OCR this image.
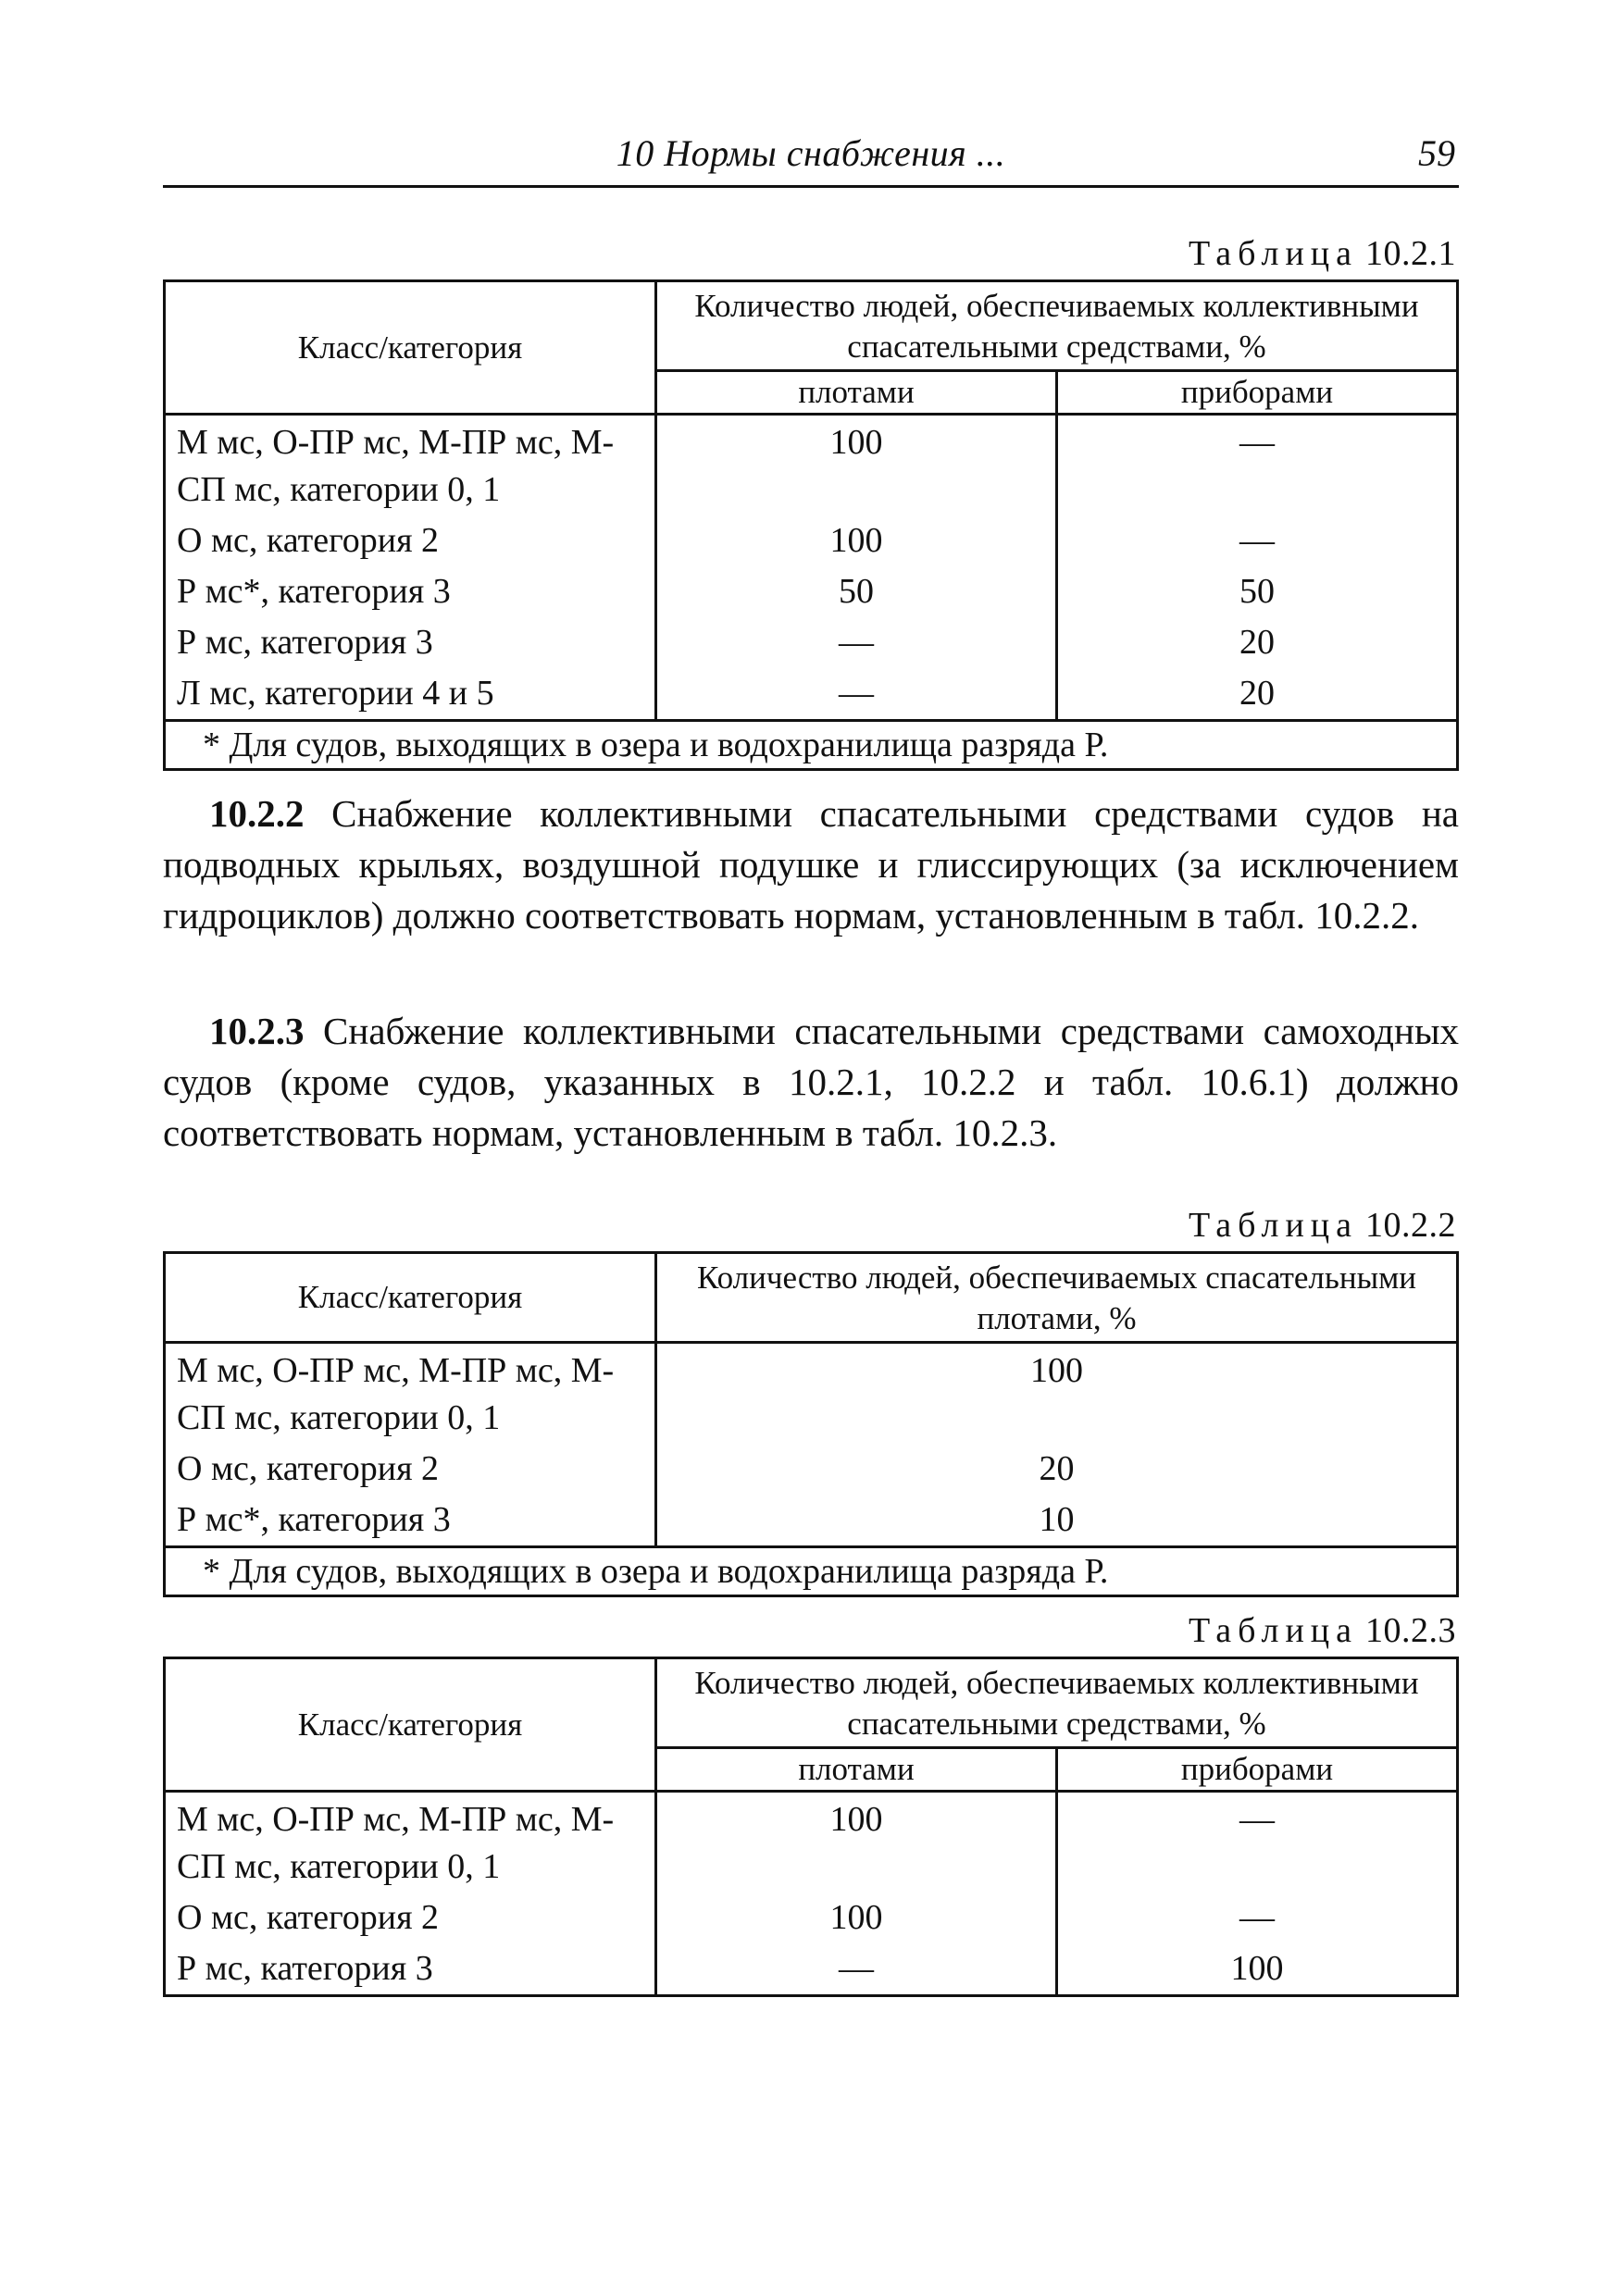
10 Нормы снабжения ...	59
Таблица 10.2.1
Класс/категория	Количество людей, обеспечиваемых коллективными спасательными средствами, %	
	плотами	приборами
М мс, О-ПР мс, М-ПР мс, М-СП мс, категории 0, 1	100	—
О мс, категория 2	100	—
Р мс*, категория 3	50	50
Р мс, категория 3	—	20
Л мс, категории 4 и 5	—	20
* Для судов, выходящих в озера и водохранилища разряда Р.		

10.2.2 Снабжение коллективными спасательными средствами судов на подводных крыльях, воздушной подушке и глиссирующих (за исключением гидроциклов) должно соответствовать нормам, установленным в табл. 10.2.2.

10.2.3 Снабжение коллективными спасательными средствами самоходных судов (кроме судов, указанных в 10.2.1, 10.2.2 и табл. 10.6.1) должно соответствовать нормам, установленным в табл. 10.2.3.

Таблица 10.2.2
Класс/категория	Количество людей, обеспечиваемых спасательными плотами, %
М мс, О-ПР мс, М-ПР мс, М-СП мс, категории 0, 1	100
О мс, категория 2	20
Р мс*, категория 3	10
* Для судов, выходящих в озера и водохранилища разряда Р.	
Таблица 10.2.3
Класс/категория	Количество людей, обеспечиваемых коллективными спасательными средствами, %	
	плотами	приборами
М мс, О-ПР мс, М-ПР мс, М-СП мс, категории 0, 1	100	—
О мс, категория 2	100	—
Р мс, категория 3	—	100
